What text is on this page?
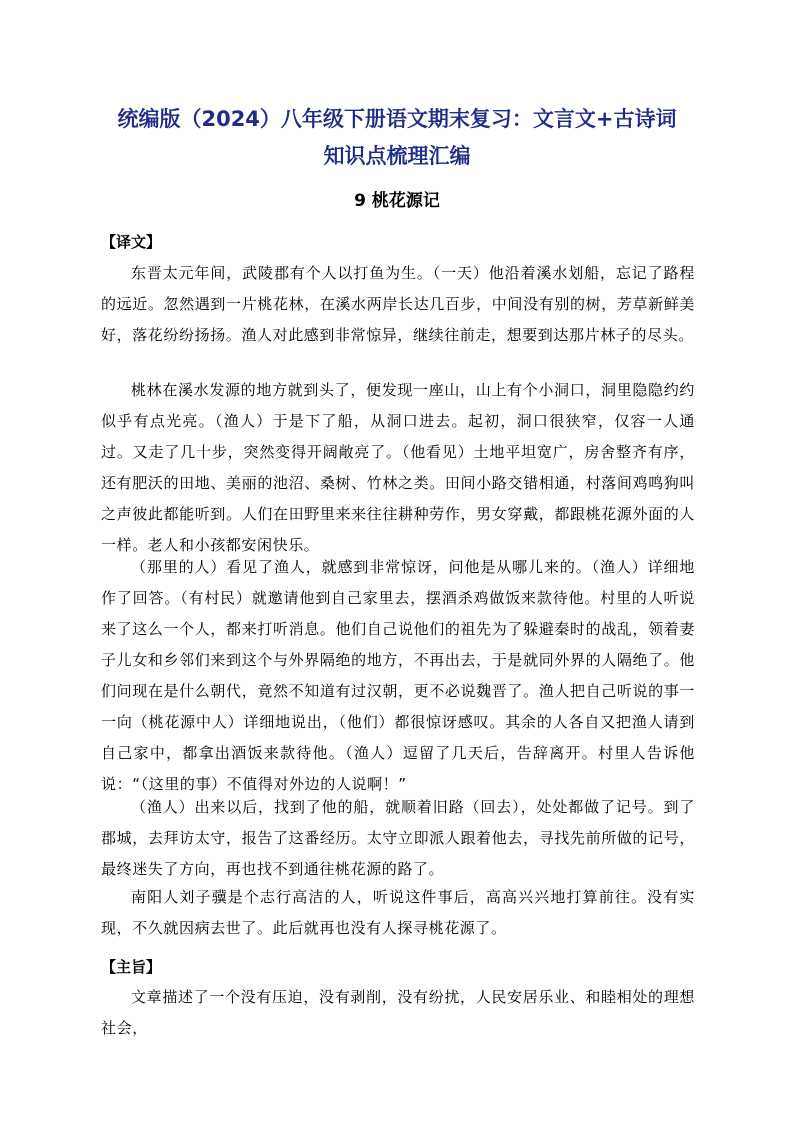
统编版（2024）八年级下册语文期末复习：文言文+古诗词
知识点梳理汇编
9 桃花源记
【译文】

东晋太元年间，武陵郡有个人以打鱼为生。（一天）他沿着溪水划船，忘记了路程的远近。忽然遇到一片桃花林，在溪水两岸长达几百步，中间没有别的树，芳草新鲜美好，落花纷纷扬扬。渔人对此感到非常惊异，继续往前走，想要到达那片林子的尽头。

桃林在溪水发源的地方就到头了，便发现一座山，山上有个小洞口，洞里隐隐约约似乎有点光亮。（渔人）于是下了船，从洞口进去。起初，洞口很狭窄，仅容一人通过。又走了几十步，突然变得开阔敞亮了。（他看见）土地平坦宽广，房舍整齐有序，还有肥沃的田地、美丽的池沼、桑树、竹林之类。田间小路交错相通，村落间鸡鸣狗叫之声彼此都能听到。人们在田野里来来往往耕种劳作，男女穿戴，都跟桃花源外面的人一样。老人和小孩都安闲快乐。

（那里的人）看见了渔人，就感到非常惊讶，问他是从哪儿来的。（渔人）详细地作了回答。（有村民）就邀请他到自己家里去，摆酒杀鸡做饭来款待他。村里的人听说来了这么一个人，都来打听消息。他们自己说他们的祖先为了躲避秦时的战乱，领着妻子儿女和乡邻们来到这个与外界隔绝的地方，不再出去，于是就同外界的人隔绝了。他们问现在是什么朝代，竟然不知道有过汉朝，更不必说魏晋了。渔人把自己听说的事一一向（桃花源中人）详细地说出，（他们）都很惊讶感叹。其余的人各自又把渔人请到自己家中，都拿出酒饭来款待他。（渔人）逗留了几天后，告辞离开。村里人告诉他说：“（这里的事）不值得对外边的人说啊！”

（渔人）出来以后，找到了他的船，就顺着旧路（回去），处处都做了记号。到了郡城，去拜访太守，报告了这番经历。太守立即派人跟着他去，寻找先前所做的记号，最终迷失了方向，再也找不到通往桃花源的路了。

南阳人刘子骥是个志行高洁的人，听说这件事后，高高兴兴地打算前往。没有实现，不久就因病去世了。此后就再也没有人探寻桃花源了。

【主旨】

文章描述了一个没有压迫，没有剥削，没有纷扰，人民安居乐业、和睦相处的理想社会，
